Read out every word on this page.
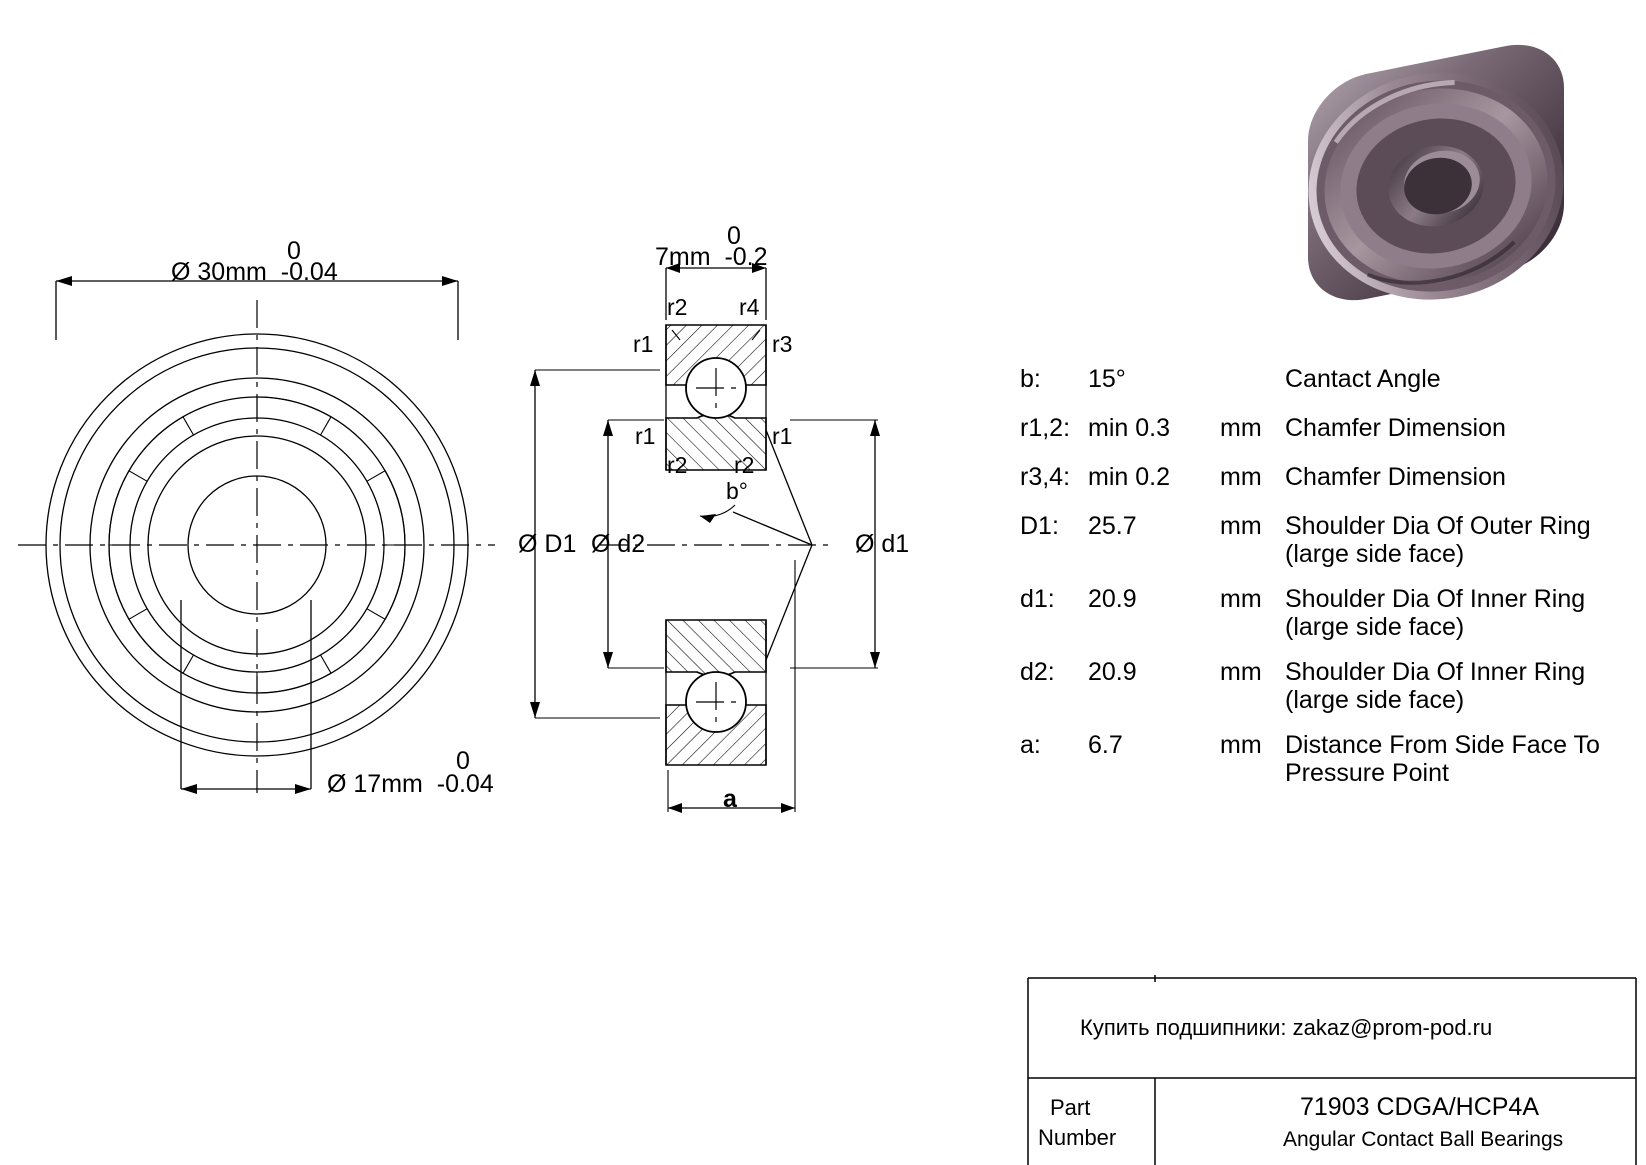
0
Ø 30mm  -0.04
0
Ø 17mm  -0.04
0
7mm  -0.2
r2 r4
r1	r3
r1	r1
r2 r2
b°
Ø D1 Ø d2	Ø d1
a
b: 15°	Cantact Angle
r1,2: min 0.3 mm Chamfer Dimension
r3,4: min 0.2 mm Chamfer Dimension
D1: 25.7	mm Shoulder Dia Of Outer Ring
(large side face)
d1: 20.9	mm Shoulder Dia Of Inner Ring
(large side face)
d2: 20.9	mm Shoulder Dia Of Inner Ring
(large side face)
a: 6.7	mm Distance From Side Face To
Pressure Point
Купить подшипники: zakaz@prom-pod.ru
Part
Number
71903 CDGA/HCP4A
Angular Contact Ball Bearings
